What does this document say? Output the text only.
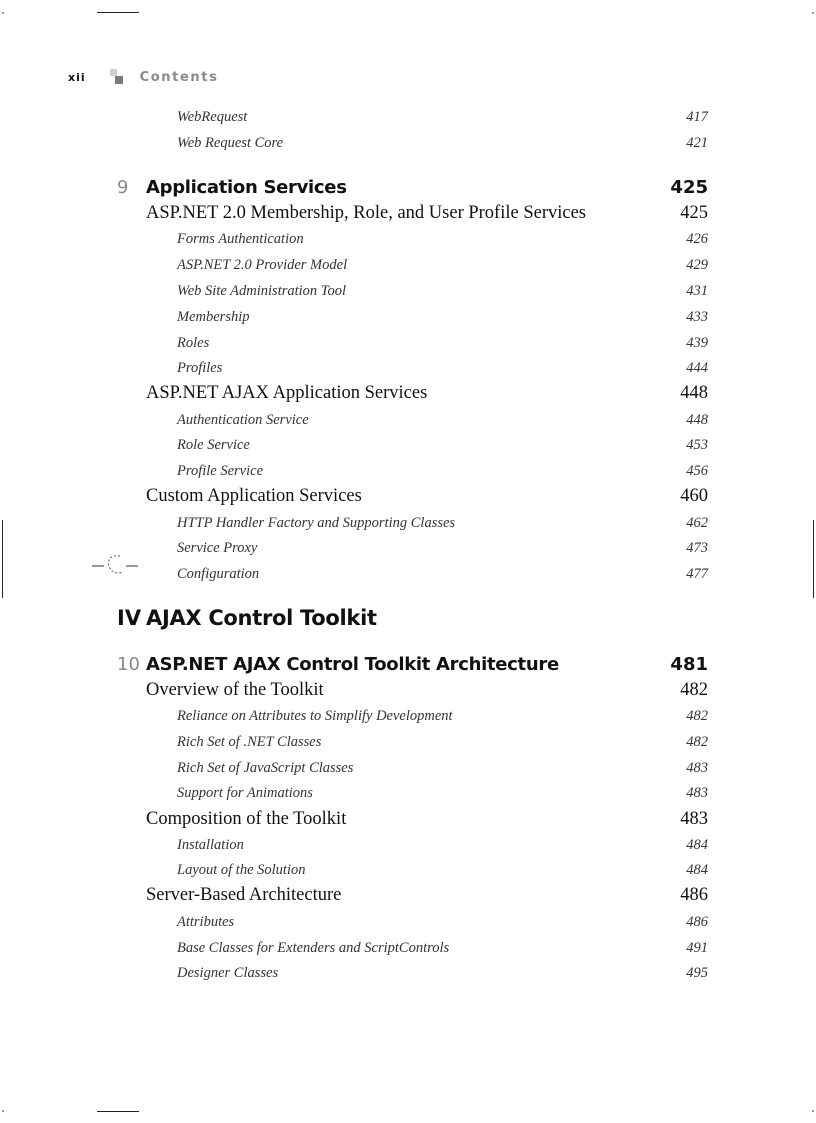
xii	Contents
WebRequest	417
Web Request Core	421
9 Application Services	425
ASP.NET 2.0 Membership, Role, and User Profile Services	425
Forms Authentication	426
ASP.NET 2.0 Provider Model	429
Web Site Administration Tool	431
Membership	433
Roles	439
Profiles	444
ASP.NET AJAX Application Services	448
Authentication Service	448
Role Service	453
Profile Service	456
Custom Application Services	460
HTTP Handler Factory and Supporting Classes	462
Service Proxy	473
Configuration	477
IV AJAX Control Toolkit
10 ASP.NET AJAX Control Toolkit Architecture	481
Overview of the Toolkit	482
Reliance on Attributes to Simplify Development	482
Rich Set of .NET Classes	482
Rich Set of JavaScript Classes	483
Support for Animations	483
Composition of the Toolkit	483
Installation	484
Layout of the Solution	484
Server-Based Architecture	486
Attributes	486
Base Classes for Extenders and ScriptControls	491
Designer Classes	495
